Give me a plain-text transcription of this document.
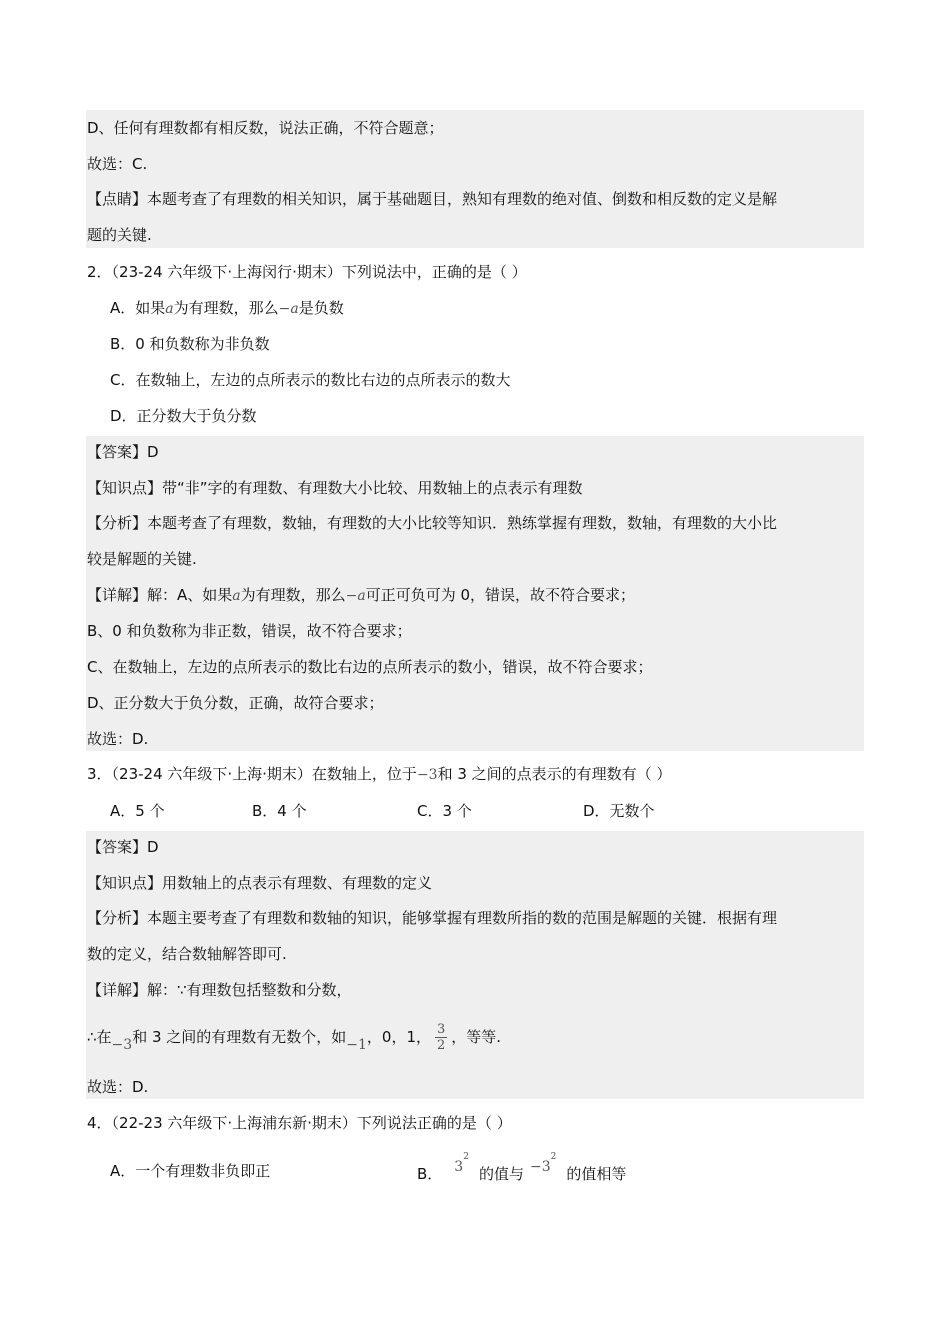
D、任何有理数都有相反数，说法正确，不符合题意；
故选：C.
【点睛】本题考查了有理数的相关知识，属于基础题目，熟知有理数的绝对值、倒数和相反数的定义是解
题的关键.
2．（23-24 六年级下·上海闵行·期末）下列说法中，正确的是（ ）
A．如果a为有理数，那么−a是负数
B．0 和负数称为非负数
C．在数轴上，左边的点所表示的数比右边的点所表示的数大
D．正分数大于负分数
【答案】D
【知识点】带“非”字的有理数、有理数大小比较、用数轴上的点表示有理数
【分析】本题考查了有理数，数轴，有理数的大小比较等知识．熟练掌握有理数，数轴，有理数的大小比
较是解题的关键.
【详解】解：A、如果a为有理数，那么−a可正可负可为 0，错误，故不符合要求；
B、0 和负数称为非正数，错误，故不符合要求；
C、在数轴上，左边的点所表示的数比右边的点所表示的数小，错误，故不符合要求；
D、正分数大于负分数，正确，故符合要求；
故选：D.
3．（23-24 六年级下·上海·期末）在数轴上，位于−3和 3 之间的点表示的有理数有（ ）
A．5 个	B．4 个	C．3 个	D．无数个
【答案】D
【知识点】用数轴上的点表示有理数、有理数的定义
【分析】本题主要考查了有理数和数轴的知识，能够掌握有理数所指的数的范围是解题的关键．根据有理
数的定义，结合数轴解答即可.
【详解】解：∵有理数包括整数和分数，
∴在−3和 3 之间的有理数有无数个，如−1，0，1， $\frac{3}{2}$ ，等等.
故选：D.
4．（22-23 六年级下·上海浦东新·期末）下列说法正确的是（ ）
A．一个有理数非负即正	B． $3^2$的值与 $-3^2$的值相等
